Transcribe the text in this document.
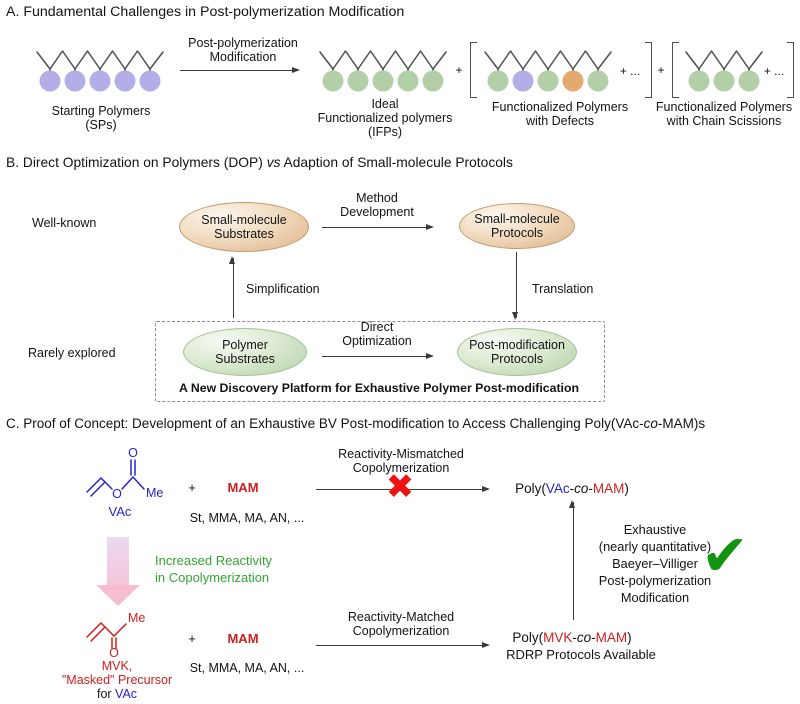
A. Fundamental Challenges in Post-polymerization Modification
Starting Polymers
(SPs)
Post-polymerization
Modification
Ideal
Functionalized polymers
(IFPs)
+	+ ...
Functionalized Polymers
with Defects
+	+ ...
Functionalized Polymers
with Chain Scissions
B. Direct Optimization on Polymers (DOP) vs Adaption of Small-molecule Protocols
Well-known
Rarely explored
Small-molecule
Substrates
Method
Development	Small-molecule
Protocols
Simplification	Translation
Polymer
Substrates
Direct
Optimization	Post-modification
Protocols
A New Discovery Platform for Exhaustive Polymer Post-modification
C. Proof of Concept: Development of an Exhaustive BV Post-modification to Access Challenging Poly(VAc-co-MAM)s
O
O
Me
VAc
+ MAM
St, MMA, MA, AN, ...
Reactivity-Mismatched
Copolymerization
✖	Poly(VAc-co-MAM)
Exhaustive
(nearly quantitative)
Baeyer–Villiger
Post-polymerization
Modification
✔
Increased Reactivity
in Copolymerization
O
Me
MVK,
"Masked" Precursor
for VAc
+ MAM
St, MMA, MA, AN, ...
Reactivity-Matched
Copolymerization	Poly(MVK-co-MAM)
RDRP Protocols Available
